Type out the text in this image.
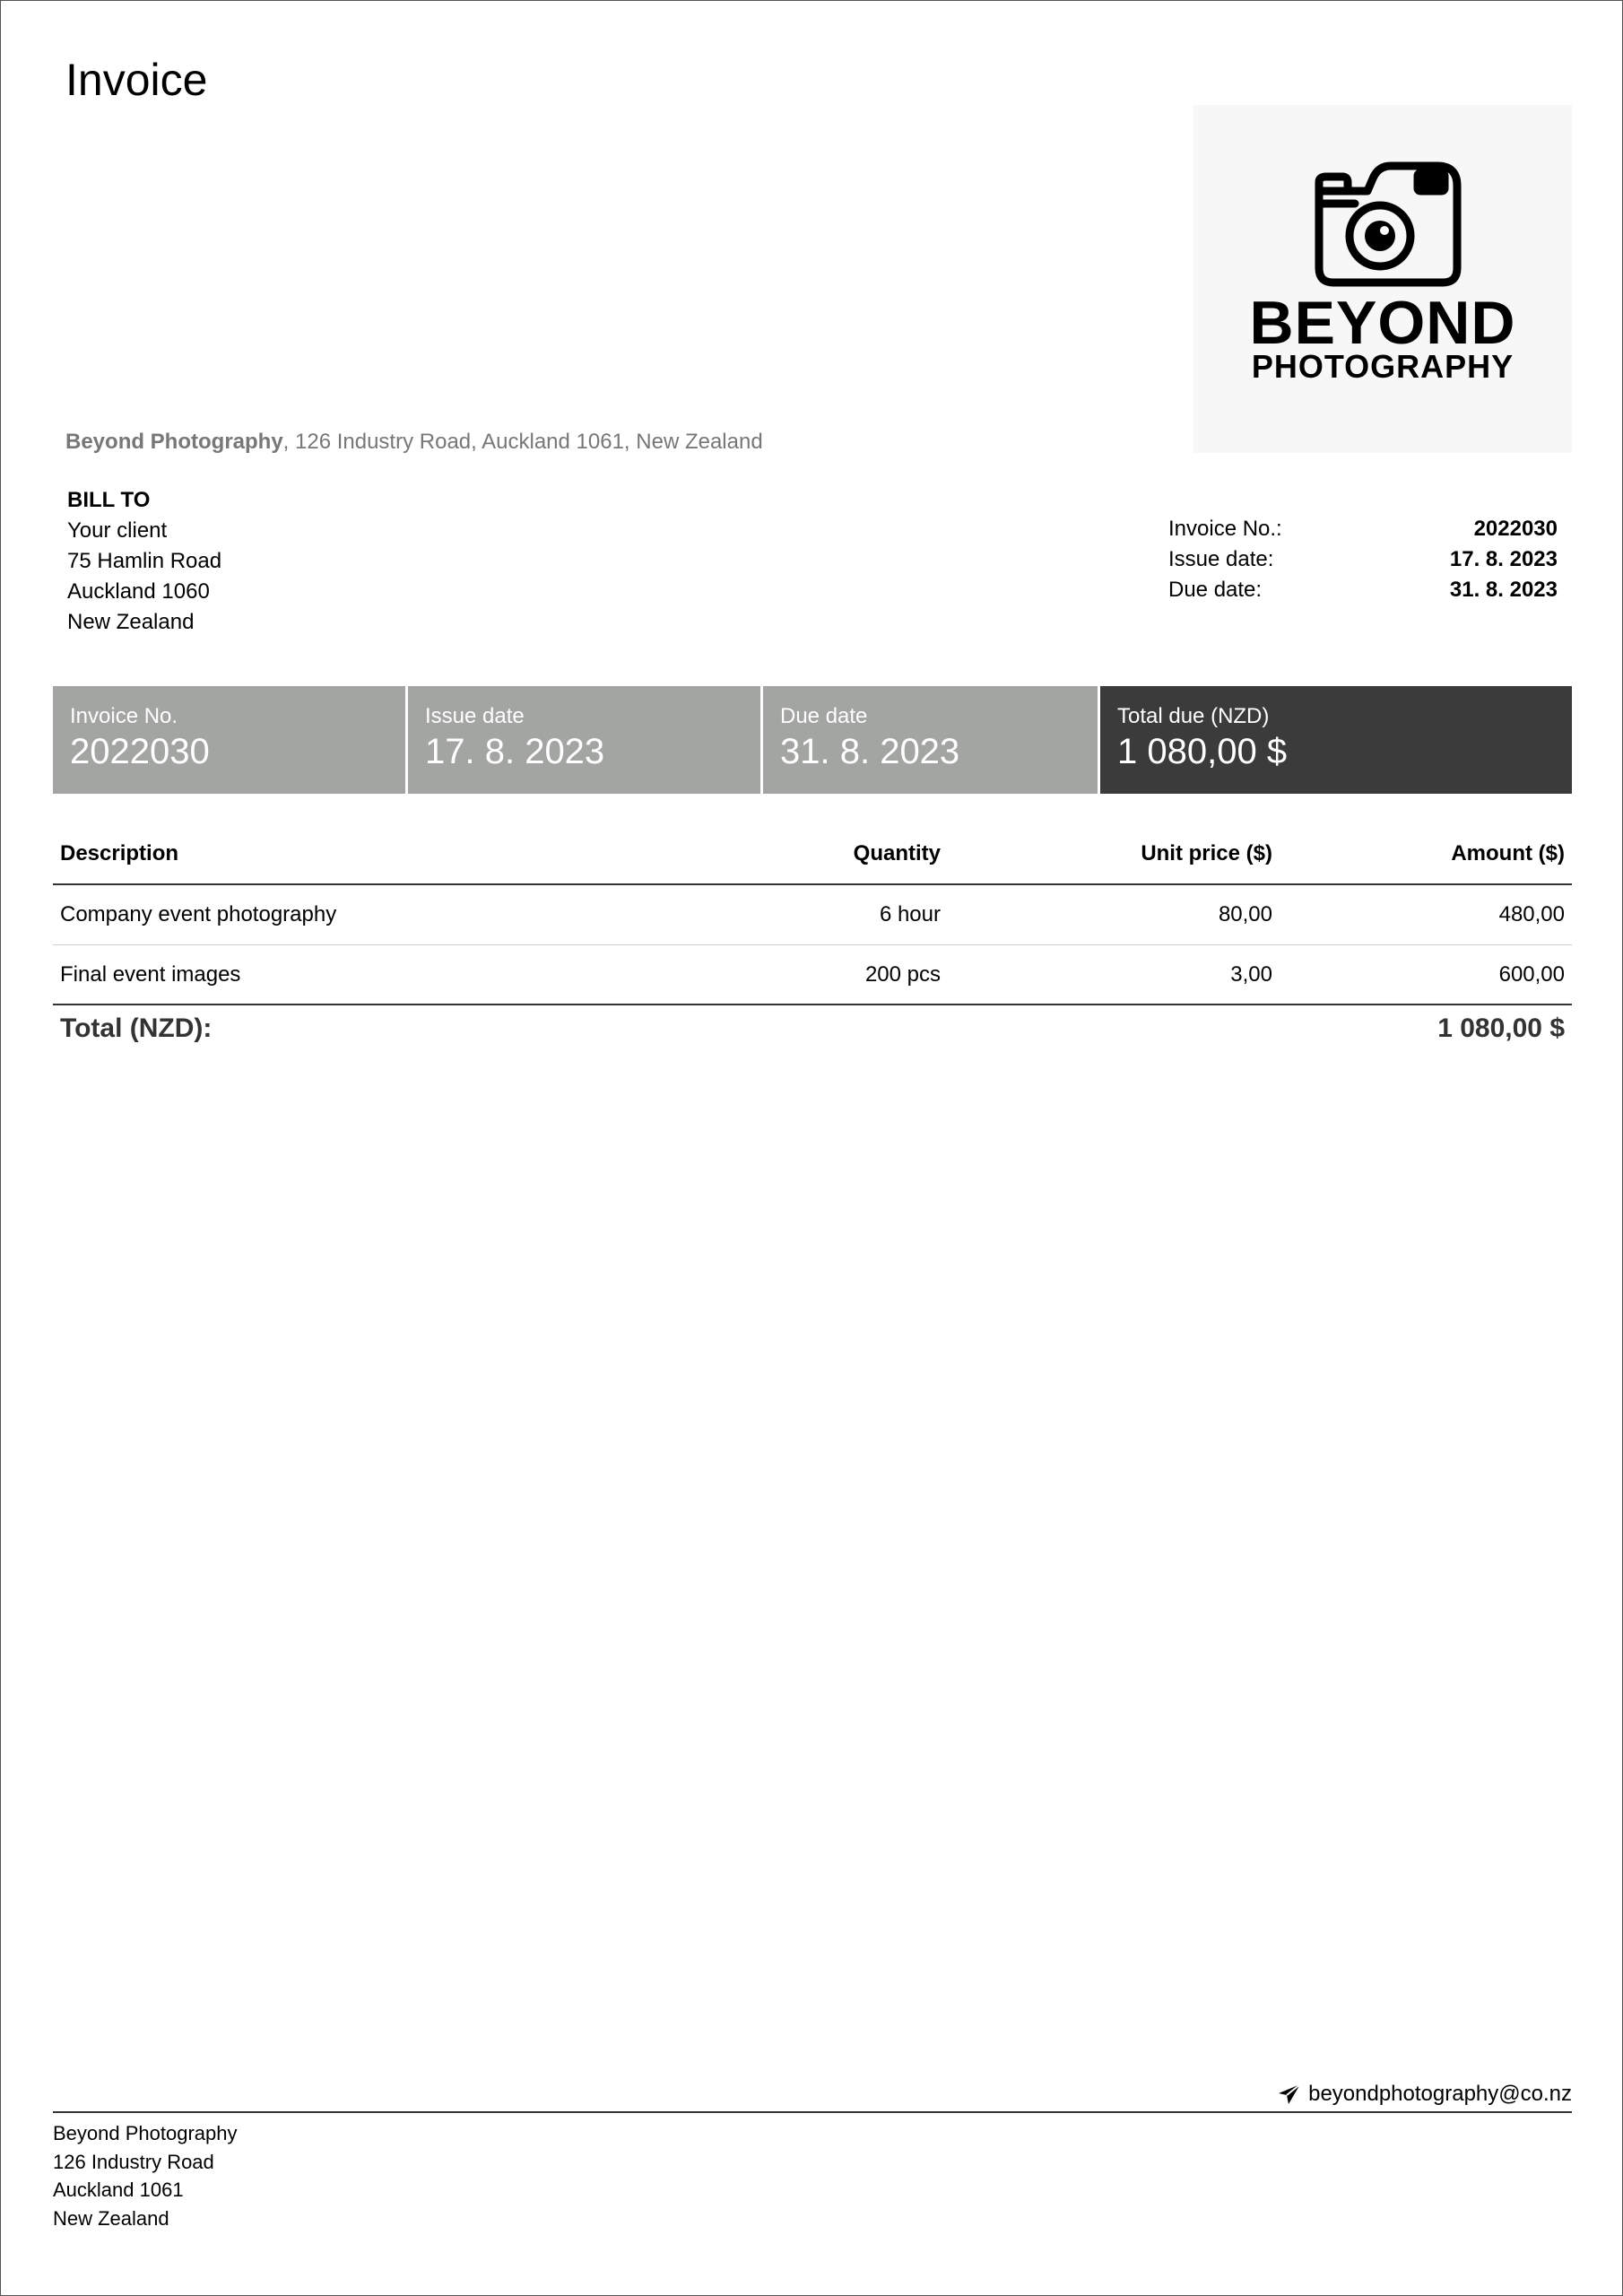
Invoice
BEYOND
PHOTOGRAPHY
Beyond Photography, 126 Industry Road, Auckland 1061, New Zealand
BILL TO
Your client
75 Hamlin Road
Auckland 1060
New Zealand
Invoice No.:	2022030
Issue date:	17. 8. 2023
Due date:	31. 8. 2023
Invoice No.
2022030
Issue date
17. 8. 2023
Due date
31. 8. 2023
Total due (NZD)
1 080,00 $
Description	Quantity	Unit price ($)	Amount ($)
Company event photography	6 hour	80,00	480,00
Final event images	200 pcs	3,00	600,00
Total (NZD):	1 080,00 $
beyondphotography@co.nz
Beyond Photography
126 Industry Road
Auckland 1061
New Zealand
